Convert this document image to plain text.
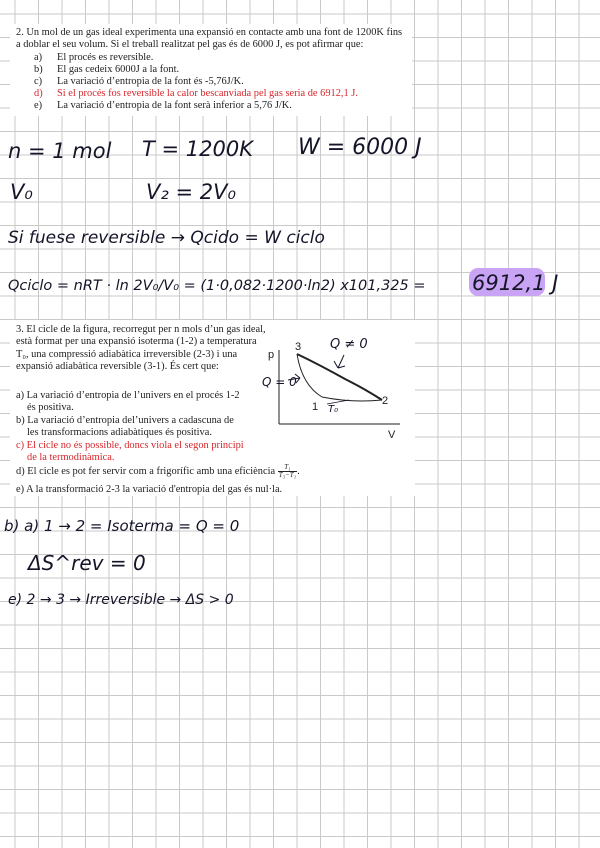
2. Un mol de un gas ideal experimenta una expansió en contacte amb una font de 1200K fins a doblar el seu volum. Si el treball realitzat pel gas és de 6000 J, es pot afirmar que:
a) El procés es reversible.
b) El gas cedeix 6000J a la font.
c) La variació d’entropia de la font és -5,76J/K.
d) Si el procés fos reversible la calor bescanviada pel gas seria de 6912,1 J.
e) La variació d’entropia de la font serà inferior a 5,76 J/K.
n = 1 mol T = 1200K W = 6000 J
V₀	V₂ = 2V₀
Si fuese reversible → Qcido = W ciclo
Qciclo = nRT · ln 2V₀/V₀ = (1·0,082·1200·ln2) x101,325 = 6912,1 J
3. El cicle de la figura, recorregut per n mols d’un gas ideal, està format per una expansió isoterma (1-2) a temperatura T₀, una compressió adiabàtica irreversible (2-3) i una expansió adiabàtica reversible (3-1). És cert que:
a) La variació d’entropia de l’univers en el procés 1-2
és positiva.
b) La variació d’entropia del’univers a cadascuna de
les transformacions adiabàtiques és positiva.
c) El cicle no és possible, doncs viola el segon principi
de la termodinàmica.
d) El cicle es pot fer servir com a frigorífic amb una eficiència $\frac{\text{T₁}}{\text{T₃−T₁}}$ .
e) A la transformació 2-3 la variació d'entropia del gas és nul·la.
p
V
3
1	2
Q ≠ 0
Q = 0
T₀
b) a) 1 → 2 = Isoterma = Q = 0
ΔS^rev = 0
e) 2 → 3 → Irreversible → ΔS > 0
